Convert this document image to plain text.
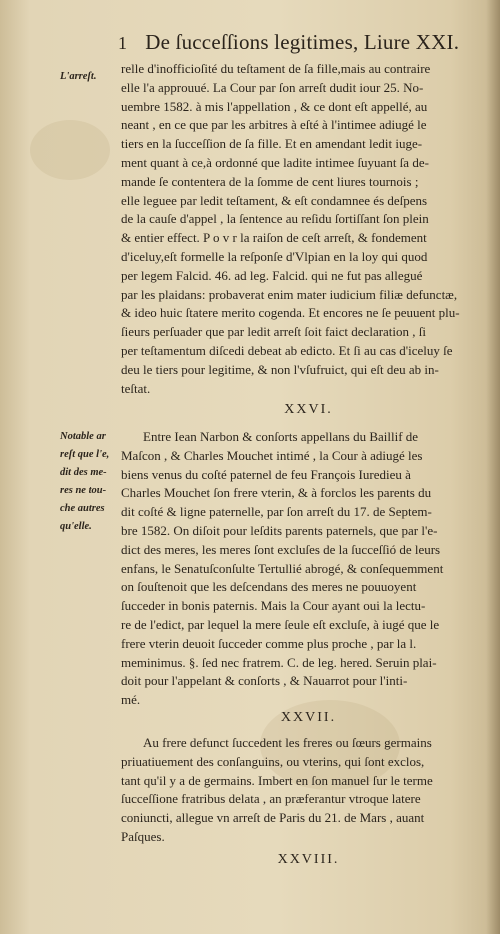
1 De ſucceſſions legitimes, Liure XXI.
L'arreſt.
relle d'inofficioſité du teſtament de ſa fille,mais au contraire
elle l'a approuué. La Cour par ſon arreſt dudit iour 25. No-
uembre 1582. à mis l'appellation , & ce dont eſt appellé, au
neant , en ce que par les arbitres à eſté à l'intimee adiugé le
tiers en la ſucceſſion de ſa fille. Et en amendant ledit iuge-
ment quant à ce,à ordonné que ladite intimee ſuyuant ſa de-
mande ſe contentera de la ſomme de cent liures tournois ;
elle leguee par ledit teſtament, & eſt condamnee és deſpens
de la cauſe d'appel , la ſentence au reſidu ſortiſſant ſon plein
& entier effect. P o v r la raiſon de ceſt arreſt, & fondement
d'iceluy,eſt formelle la reſponſe d'Vlpian en la loy qui quod
per legem Falcid. 46. ad leg. Falcid. qui ne fut pas allegué
par les plaidans: probaverat enim mater iudicium filiæ defunctæ,
& ideo huic ſtatere merito cogenda. Et encores ne ſe peuuent plu-
ſieurs perſuader que par ledit arreſt ſoit faict declaration , ſi
per teſtamentum diſcedi debeat ab edicto. Et ſi au cas d'iceluy ſe
deu le tiers pour legitime, & non l'vſufruict, qui eſt deu ab in-
teſtat.
XXVI.
Notable ar
reſt que l'e,
dit des me-
res ne tou-
che autres
qu'elle.
Entre Iean Narbon & conſorts appellans du Baillif de
Maſcon , & Charles Mouchet intimé , la Cour à adiugé les
biens venus du coſté paternel de feu François Iuredieu à
Charles Mouchet ſon frere vterin, & à forclos les parents du
dit coſté & ligne paternelle, par ſon arreſt du 17. de Septem-
bre 1582. On diſoit pour leſdits parents paternels, que par l'e-
dict des meres, les meres ſont excluſes de la ſucceſſió de leurs
enfans, le Senatuſconſulte Tertullié abrogé, & conſequemment
on ſouſtenoit que les deſcendans des meres ne pouuoyent
ſucceder in bonis paternis. Mais la Cour ayant oui la lectu-
re de l'edict, par lequel la mere ſeule eſt excluſe, à iugé que le
frere vterin deuoit ſucceder comme plus proche , par la l.
meminimus. §. ſed nec fratrem. C. de leg. hered. Seruin plai-
doit pour l'appelant & conſorts , & Nauarrot pour l'inti-
mé.
XXVII.
Au frere defunct ſuccedent les freres ou ſœurs germains
priuatiuement des conſanguins, ou vterins, qui ſont exclos,
tant qu'il y a de germains. Imbert en ſon manuel ſur le terme
ſucceſſione fratribus delata , an præferantur vtroque latere
coniuncti, allegue vn arreſt de Paris du 21. de Mars , auant
Paſques.
XXVIII.
